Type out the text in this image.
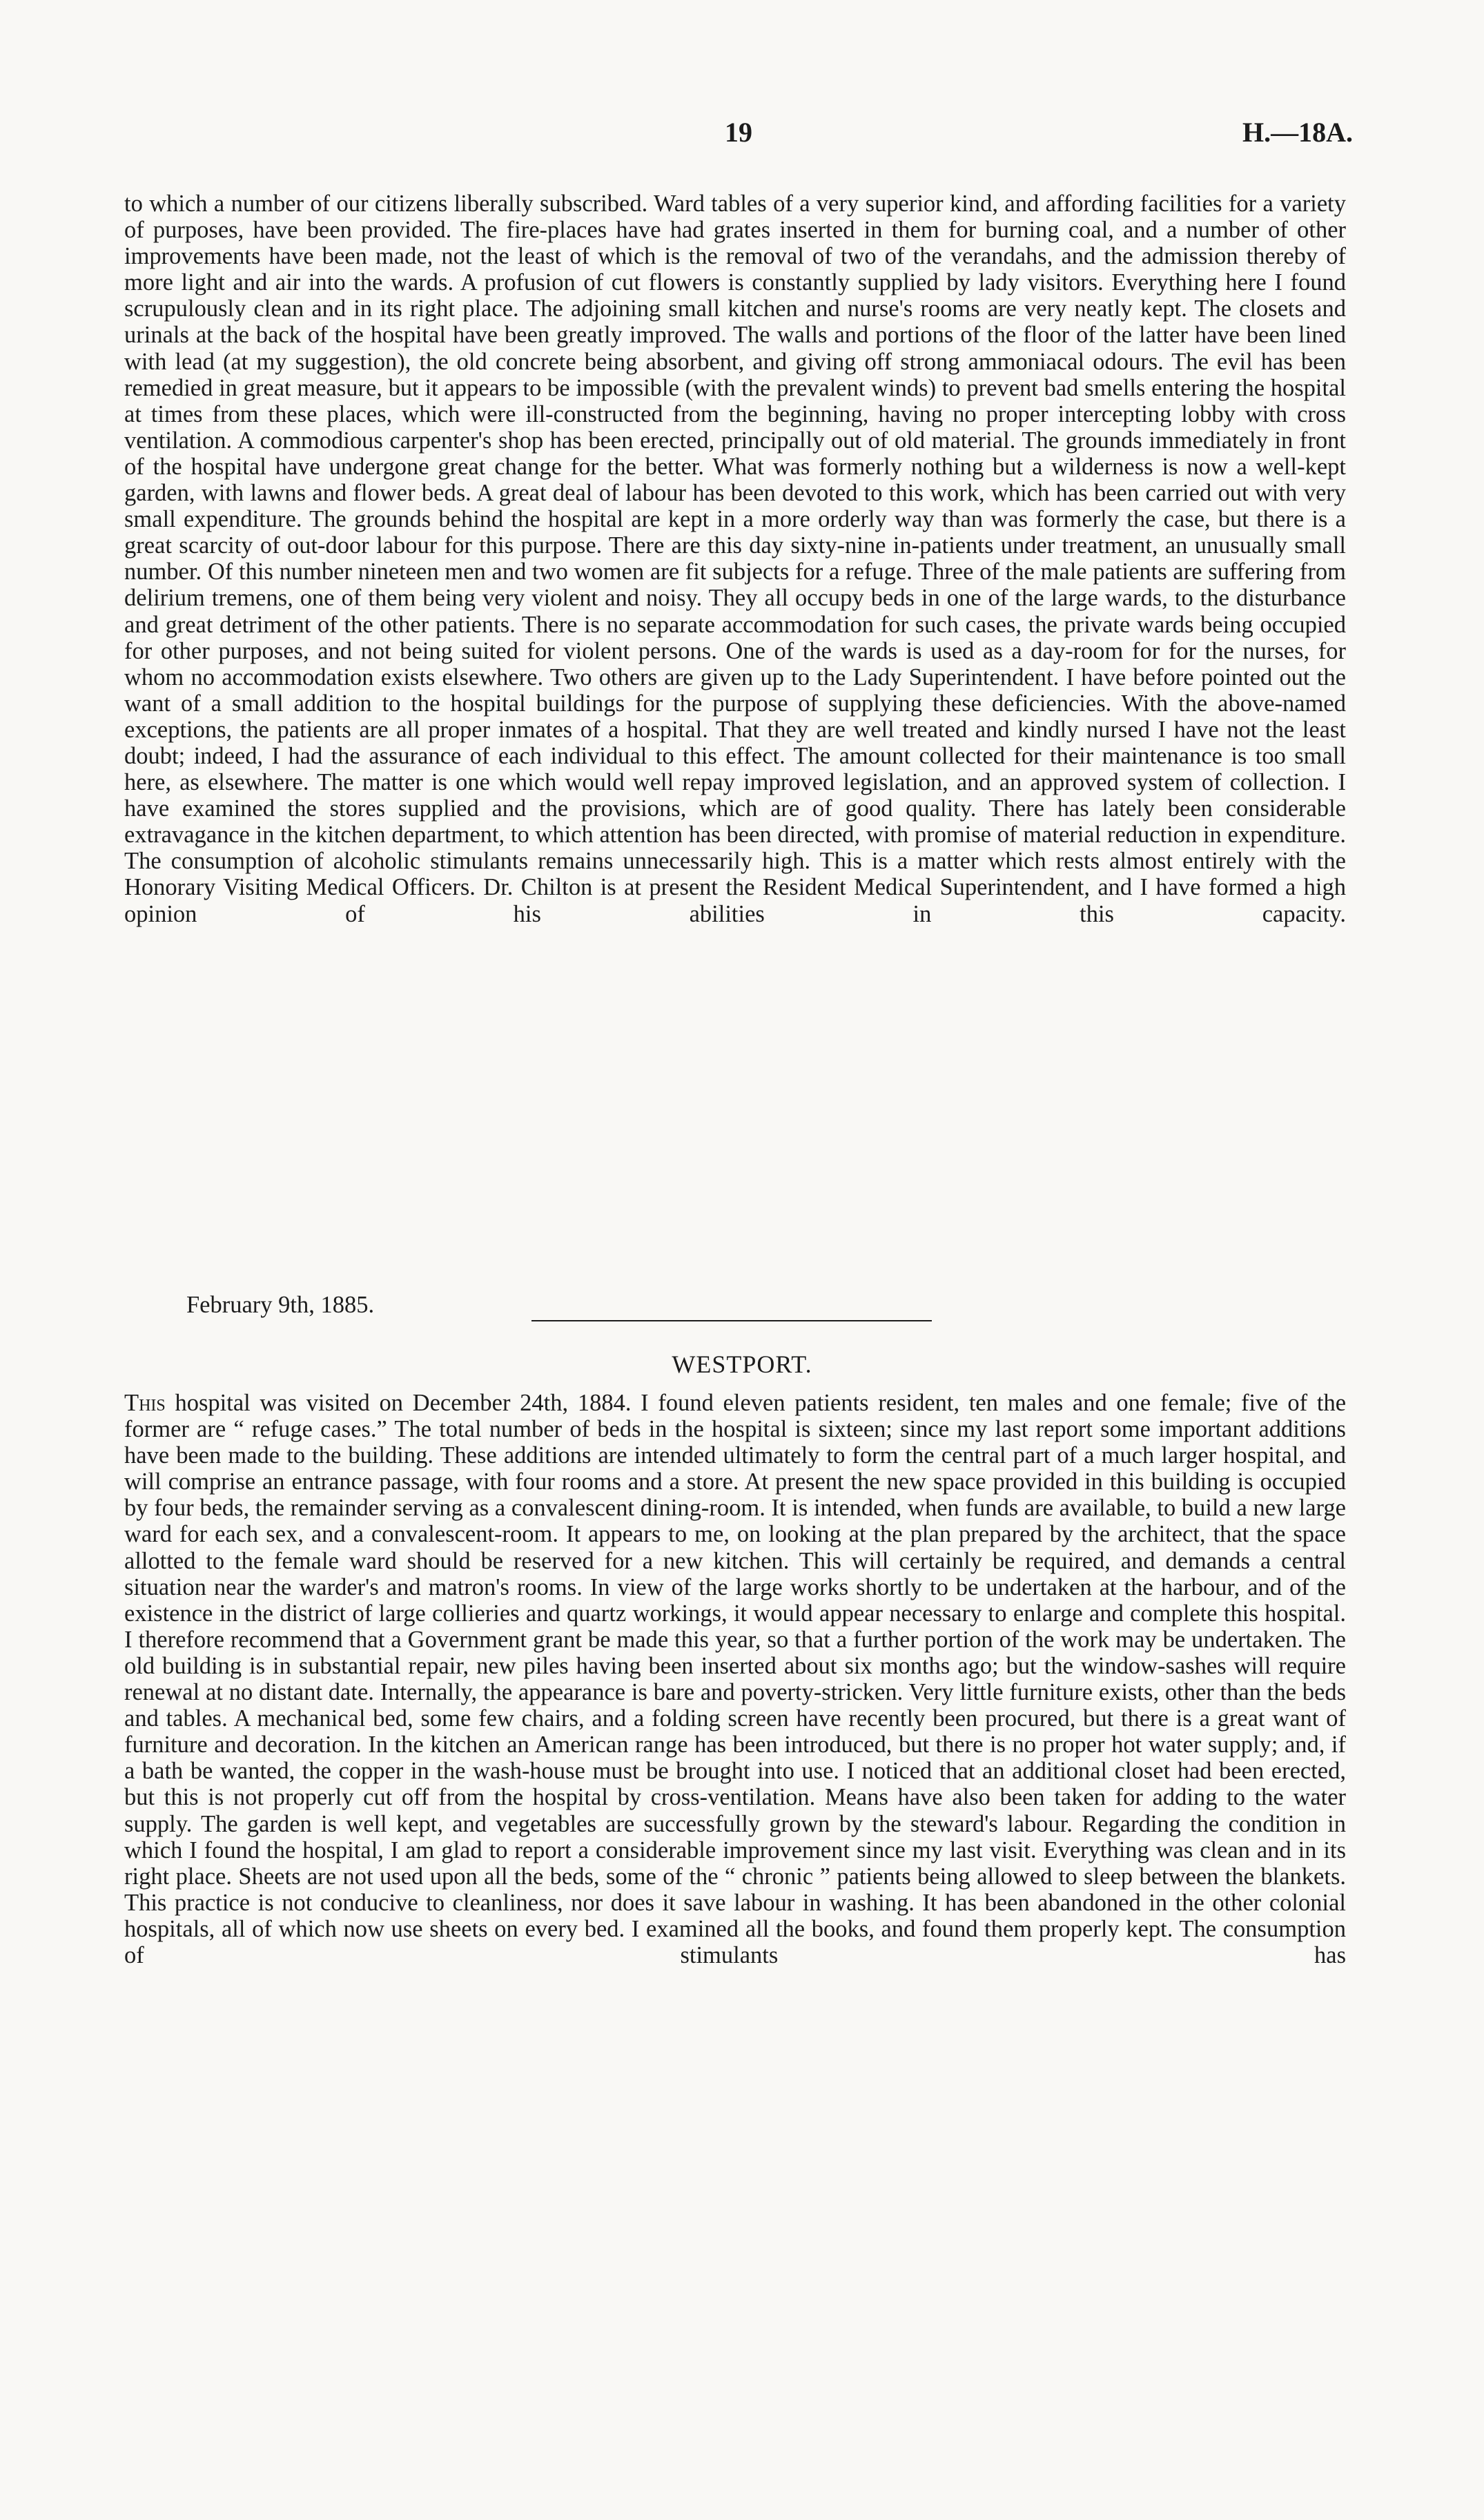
19	H.—18A.

to which a number of our citizens liberally subscribed. Ward tables of a very superior kind, and affording facilities for a variety of purposes, have been provided. The fire-places have had grates inserted in them for burning coal, and a number of other improvements have been made, not the least of which is the removal of two of the verandahs, and the admission thereby of more light and air into the wards. A profusion of cut flowers is constantly supplied by lady visitors. Everything here I found scrupulously clean and in its right place. The adjoining small kitchen and nurse's rooms are very neatly kept. The closets and urinals at the back of the hospital have been greatly improved. The walls and portions of the floor of the latter have been lined with lead (at my suggestion), the old concrete being absorbent, and giving off strong ammoniacal odours. The evil has been remedied in great measure, but it appears to be impossible (with the prevalent winds) to prevent bad smells entering the hospital at times from these places, which were ill-constructed from the beginning, having no proper intercepting lobby with cross ventilation. A commodious carpenter's shop has been erected, principally out of old material. The grounds immediately in front of the hospital have undergone great change for the better. What was formerly nothing but a wilderness is now a well-kept garden, with lawns and flower beds. A great deal of labour has been devoted to this work, which has been carried out with very small expenditure. The grounds behind the hospital are kept in a more orderly way than was formerly the case, but there is a great scarcity of out-door labour for this purpose. There are this day sixty-nine in-patients under treatment, an unusually small number. Of this number nineteen men and two women are fit subjects for a refuge. Three of the male patients are suffering from delirium tremens, one of them being very violent and noisy. They all occupy beds in one of the large wards, to the disturbance and great detriment of the other patients. There is no separate accommodation for such cases, the private wards being occupied for other purposes, and not being suited for violent persons. One of the wards is used as a day-room for for the nurses, for whom no accommodation exists elsewhere. Two others are given up to the Lady Superintendent. I have before pointed out the want of a small addition to the hospital buildings for the purpose of supplying these deficiencies. With the above-named exceptions, the patients are all proper inmates of a hospital. That they are well treated and kindly nursed I have not the least doubt; indeed, I had the assurance of each individual to this effect. The amount collected for their maintenance is too small here, as elsewhere. The matter is one which would well repay improved legislation, and an approved system of collection. I have examined the stores supplied and the provisions, which are of good quality. There has lately been considerable extravagance in the kitchen department, to which attention has been directed, with promise of material reduction in expenditure. The consumption of alcoholic stimulants remains unnecessarily high. This is a matter which rests almost entirely with the Honorary Visiting Medical Officers. Dr. Chilton is at present the Resident Medical Superintendent, and I have formed a high opinion of his abilities in this capacity.

February 9th, 1885.
WESTPORT.

This hospital was visited on December 24th, 1884. I found eleven patients resident, ten males and one female; five of the former are “ refuge cases.” The total number of beds in the hospital is sixteen; since my last report some important additions have been made to the building. These additions are intended ultimately to form the central part of a much larger hospital, and will comprise an entrance passage, with four rooms and a store. At present the new space provided in this building is occupied by four beds, the remainder serving as a convalescent dining-room. It is intended, when funds are available, to build a new large ward for each sex, and a convalescent-room. It appears to me, on looking at the plan prepared by the architect, that the space allotted to the female ward should be reserved for a new kitchen. This will certainly be required, and demands a central situation near the warder's and matron's rooms. In view of the large works shortly to be undertaken at the harbour, and of the existence in the district of large collieries and quartz workings, it would appear necessary to enlarge and complete this hospital. I therefore recommend that a Government grant be made this year, so that a further portion of the work may be undertaken. The old building is in substantial repair, new piles having been inserted about six months ago; but the window-sashes will require renewal at no distant date. Internally, the appearance is bare and poverty-stricken. Very little furniture exists, other than the beds and tables. A mechanical bed, some few chairs, and a folding screen have recently been procured, but there is a great want of furniture and decoration. In the kitchen an American range has been introduced, but there is no proper hot water supply; and, if a bath be wanted, the copper in the wash-house must be brought into use. I noticed that an additional closet had been erected, but this is not properly cut off from the hospital by cross-ventilation. Means have also been taken for adding to the water supply. The garden is well kept, and vegetables are successfully grown by the steward's labour. Regarding the condition in which I found the hospital, I am glad to report a considerable improvement since my last visit. Everything was clean and in its right place. Sheets are not used upon all the beds, some of the “ chronic ” patients being allowed to sleep between the blankets. This practice is not conducive to cleanliness, nor does it save labour in washing. It has been abandoned in the other colonial hospitals, all of which now use sheets on every bed. I examined all the books, and found them properly kept. The consumption of stimulants has
